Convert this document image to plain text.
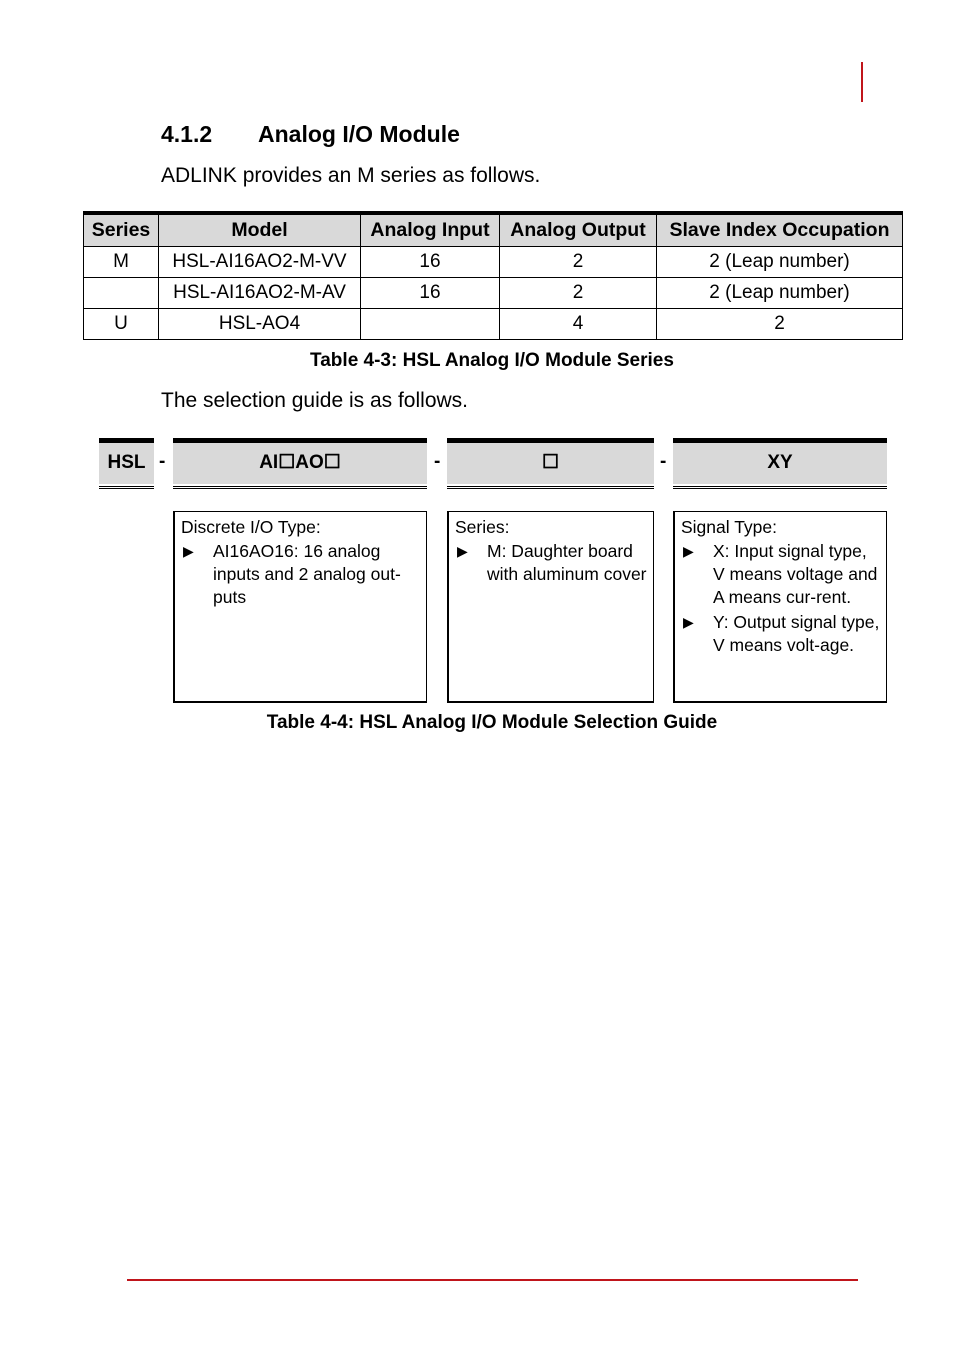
4.1.2 Analog I/O Module
ADLINK provides an M series as follows.
Series	Model	Analog Input	Analog Output	Slave Index Occupation
M	HSL-AI16AO2-M-VV	16	2	2 (Leap number)
	HSL-AI16AO2-M-AV	16	2	2 (Leap number)
U	HSL-AO4		4	2
Table 4-3: HSL Analog I/O Module Series
The selection guide is as follows.
HSL -	AI☐AO☐	-	☐	-	XY
Discrete I/O Type:
▶ AI16AO16: 16 analog inputs and 2 analog out-puts
Series:
▶ M: Daughter board with aluminum cover
Signal Type:
▶ X: Input signal type, V means voltage and A means cur-rent.
▶ Y: Output signal type, V means volt-age.
Table 4-4: HSL Analog I/O Module Selection Guide
